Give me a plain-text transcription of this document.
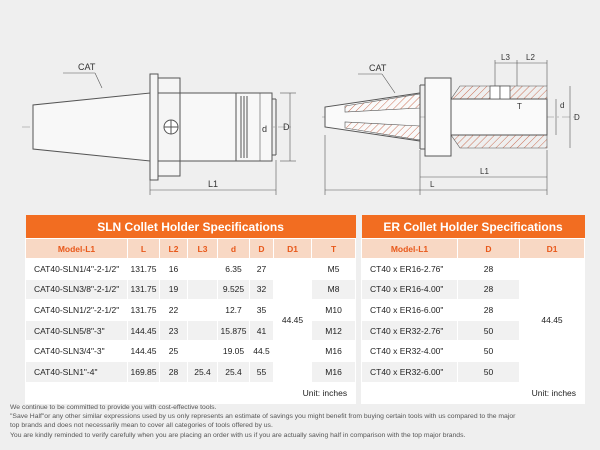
CAT
d D
L1
CAT
L2
L3
T	d
D
L1
L
SLN Collet Holder Specifications							
Model-L1	L	L2	L3	d	D	D1	T
CAT40-SLN1/4"-2-1/2"	131.75	16		6.35	27	44.45	M5
CAT40-SLN3/8"-2-1/2"	131.75	19		9.525	32		M8
CAT40-SLN1/2"-2-1/2"	131.75	22		12.7	35		M10
CAT40-SLN5/8"-3"	144.45	23		15.875	41		M12
CAT40-SLN3/4"-3"	144.45	25		19.05	44.5		M16
CAT40-SLN1"-4"	169.85	28	25.4	25.4	55		M16
Unit: inches							
ER Collet Holder Specifications		
Model-L1	D	D1
CT40 x ER16-2.76"	28	44.45
CT40 x ER16-4.00"	28	
CT40 x ER16-6.00"	28	
CT40 x ER32-2.76"	50	
CT40 x ER32-4.00"	50	
CT40 x ER32-6.00"	50	
Unit: inches		
We continue to be committed to provide you with cost-effective tools.
"Save Half"or any other similar expressions used by us only represents an estimate of savings you might benefit from buying certain tools with us compared to the major
top brands and does not necessarily mean to cover all categories of tools offered by us.
You are kindly reminded to verify carefully when you are placing an order with us if you are actually saving half in comparison with the top major brands.
